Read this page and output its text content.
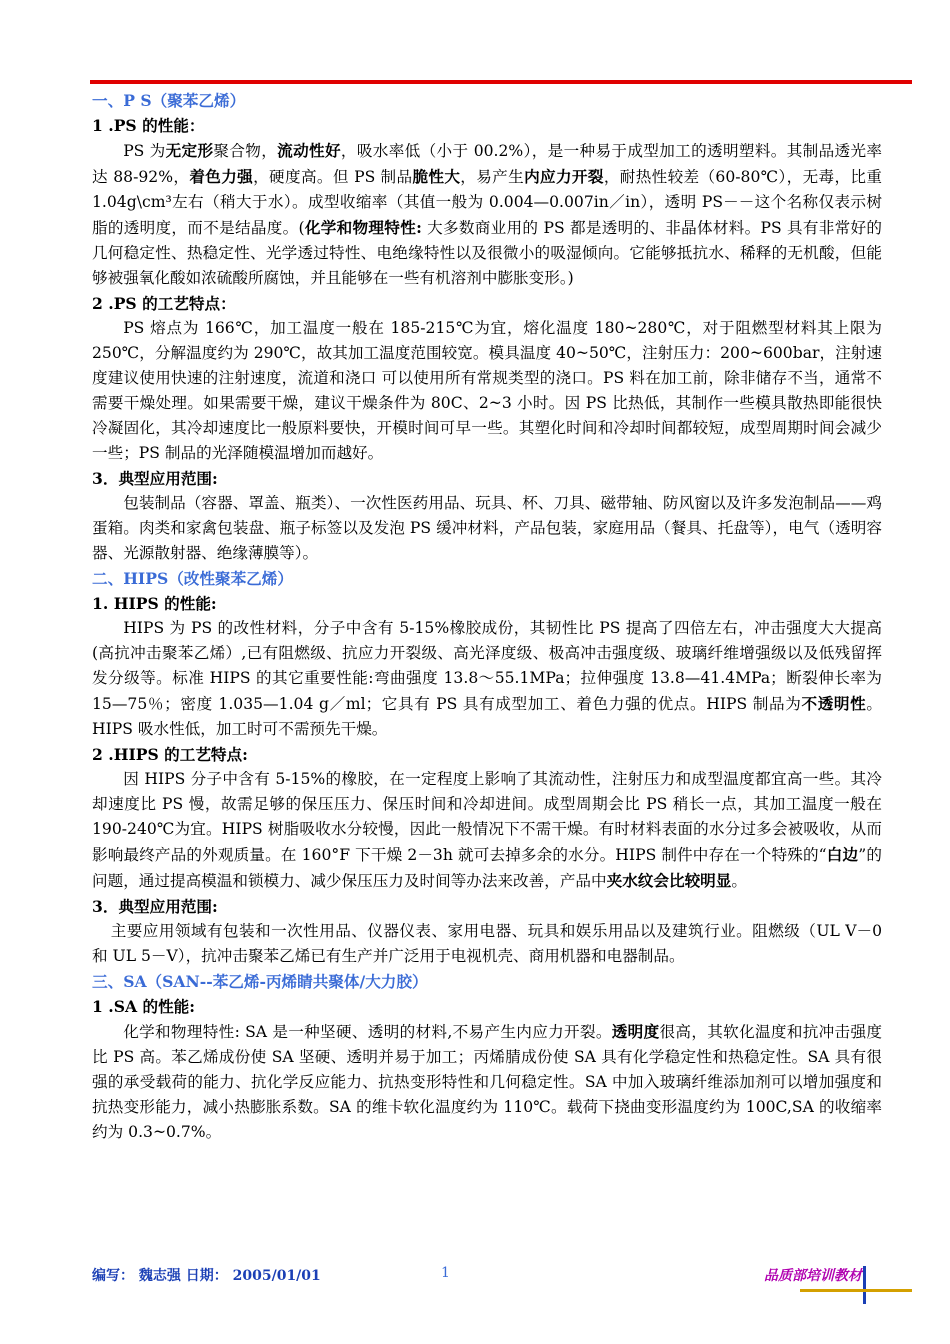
一、P S（聚苯乙烯）
1 .PS 的性能：
PS 为无定形聚合物，流动性好，吸水率低（小于 00.2%），是一种易于成型加工的透明塑料。其制品透光率达 88-92%，着色力强，硬度高。但 PS 制品脆性大，易产生内应力开裂，耐热性较差（60-80℃），无毒，比重 1.04g\cm³左右（稍大于水）。成型收缩率（其值一般为 0.004—0.007in／in），透明 PS－－这个名称仅表示树脂的透明度，而不是结晶度。(化学和物理特性: 大多数商业用的 PS 都是透明的、非晶体材料。PS 具有非常好的几何稳定性、热稳定性、光学透过特性、电绝缘特性以及很微小的吸湿倾向。它能够抵抗水、稀释的无机酸，但能够被强氧化酸如浓硫酸所腐蚀，并且能够在一些有机溶剂中膨胀变形。)
2 .PS 的工艺特点：
PS 熔点为 166℃，加工温度一般在 185-215℃为宜，熔化温度 180~280℃，对于阻燃型材料其上限为 250℃，分解温度约为 290℃，故其加工温度范围较宽。模具温度 40~50℃，注射压力：200~600bar，注射速度建议使用快速的注射速度，流道和浇口 可以使用所有常规类型的浇口。PS 料在加工前，除非储存不当，通常不需要干燥处理。如果需要干燥，建议干燥条件为 80C、2~3 小时。因 PS 比热低，其制作一些模具散热即能很快冷凝固化，其冷却速度比一般原料要快，开模时间可早一些。其塑化时间和冷却时间都较短，成型周期时间会减少一些；PS 制品的光泽随模温增加而越好。
3．典型应用范围:
包装制品（容器、罩盖、瓶类）、一次性医药用品、玩具、杯、刀具、磁带轴、防风窗以及许多发泡制品——鸡蛋箱。肉类和家禽包装盘、瓶子标签以及发泡 PS 缓冲材料，产品包装，家庭用品（餐具、托盘等），电气（透明容器、光源散射器、绝缘薄膜等）。
二、HIPS（改性聚苯乙烯）
1. HIPS 的性能:
HIPS 为 PS 的改性材料，分子中含有 5-15%橡胶成份，其韧性比 PS 提高了四倍左右，冲击强度大大提高(高抗冲击聚苯乙烯）,已有阻燃级、抗应力开裂级、高光泽度级、极高冲击强度级、玻璃纤维增强级以及低残留挥发分级等。标准 HIPS 的其它重要性能:弯曲强度 13.8～55.1MPa；拉伸强度 13.8—41.4MPa；断裂伸长率为 15—75％；密度 1.035—1.04 g／ml；它具有 PS 具有成型加工、着色力强的优点。HIPS 制品为不透明性。HIPS 吸水性低，加工时可不需预先干燥。
2 .HIPS 的工艺特点:
因 HIPS 分子中含有 5-15%的橡胶，在一定程度上影响了其流动性，注射压力和成型温度都宜高一些。其冷却速度比 PS 慢，故需足够的保压压力、保压时间和冷却进间。成型周期会比 PS 稍长一点，其加工温度一般在 190-240℃为宜。HIPS 树脂吸收水分较慢，因此一般情况下不需干燥。有时材料表面的水分过多会被吸收，从而影响最终产品的外观质量。在 160°F 下干燥 2－3h 就可去掉多余的水分。HIPS 制件中存在一个特殊的“白边”的问题，通过提高模温和锁模力、减少保压压力及时间等办法来改善，产品中夹水纹会比较明显。
3．典型应用范围:
主要应用领域有包装和一次性用品、仪器仪表、家用电器、玩具和娱乐用品以及建筑行业。阻燃级（UL V－0 和 UL 5－V），抗冲击聚苯乙烯已有生产并广泛用于电视机壳、商用机器和电器制品。
三、SA（SAN--苯乙烯-丙烯睛共聚体/大力胶）
1 .SA 的性能:
化学和物理特性: SA 是一种坚硬、透明的材料,不易产生内应力开裂。透明度很高，其软化温度和抗冲击强度比 PS 高。苯乙烯成份使 SA 坚硬、透明并易于加工；丙烯腈成份使 SA 具有化学稳定性和热稳定性。SA 具有很强的承受载荷的能力、抗化学反应能力、抗热变形特性和几何稳定性。SA 中加入玻璃纤维添加剂可以增加强度和抗热变形能力，减小热膨胀系数。SA 的维卡软化温度约为 110℃。载荷下挠曲变形温度约为 100C,SA 的收缩率约为 0.3~0.7%。
编写： 魏志强 日期： 2005/01/01	1	品质部培训教材
